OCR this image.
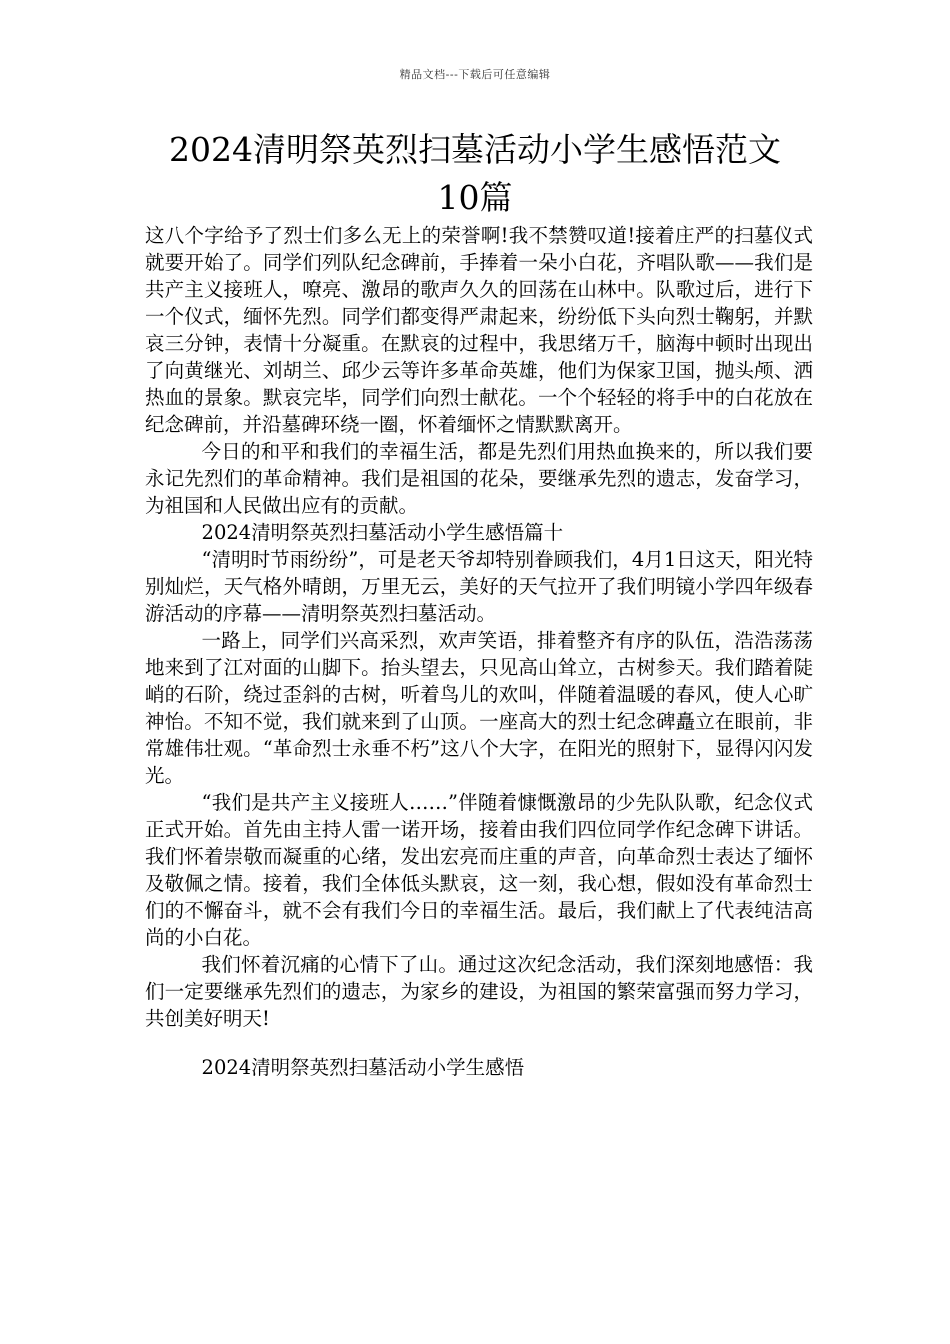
精品文档---下载后可任意编辑
2024清明祭英烈扫墓活动小学生感悟范文
10篇

这八个字给予了烈士们多么无上的荣誉啊!我不禁赞叹道!接着庄严的扫墓仪式就要开始了。同学们列队纪念碑前，手捧着一朵小白花，齐唱队歌——我们是共产主义接班人，嘹亮、激昂的歌声久久的回荡在山林中。队歌过后，进行下一个仪式，缅怀先烈。同学们都变得严肃起来，纷纷低下头向烈士鞠躬，并默哀三分钟，表情十分凝重。在默哀的过程中，我思绪万千，脑海中顿时出现出了向黄继光、刘胡兰、邱少云等许多革命英雄，他们为保家卫国，抛头颅、洒热血的景象。默哀完毕，同学们向烈士献花。一个个轻轻的将手中的白花放在纪念碑前，并沿墓碑环绕一圈，怀着缅怀之情默默离开。

今日的和平和我们的幸福生活，都是先烈们用热血换来的，所以我们要永记先烈们的革命精神。我们是祖国的花朵，要继承先烈的遗志，发奋学习，为祖国和人民做出应有的贡献。

2024清明祭英烈扫墓活动小学生感悟篇十

“清明时节雨纷纷”，可是老天爷却特别眷顾我们，4月1日这天，阳光特别灿烂，天气格外晴朗，万里无云，美好的天气拉开了我们明镜小学四年级春游活动的序幕——清明祭英烈扫墓活动。

一路上，同学们兴高采烈，欢声笑语，排着整齐有序的队伍，浩浩荡荡地来到了江对面的山脚下。抬头望去，只见高山耸立，古树参天。我们踏着陡峭的石阶，绕过歪斜的古树，听着鸟儿的欢叫，伴随着温暖的春风，使人心旷神怡。不知不觉，我们就来到了山顶。一座高大的烈士纪念碑矗立在眼前，非常雄伟壮观。“革命烈士永垂不朽”这八个大字，在阳光的照射下，显得闪闪发光。

“我们是共产主义接班人……”伴随着慷慨激昂的少先队队歌，纪念仪式正式开始。首先由主持人雷一诺开场，接着由我们四位同学作纪念碑下讲话。我们怀着崇敬而凝重的心绪，发出宏亮而庄重的声音，向革命烈士表达了缅怀及敬佩之情。接着，我们全体低头默哀，这一刻，我心想，假如没有革命烈士们的不懈奋斗，就不会有我们今日的幸福生活。最后，我们献上了代表纯洁高尚的小白花。

我们怀着沉痛的心情下了山。通过这次纪念活动，我们深刻地感悟：我们一定要继承先烈们的遗志，为家乡的建设，为祖国的繁荣富强而努力学习，共创美好明天!

2024清明祭英烈扫墓活动小学生感悟
